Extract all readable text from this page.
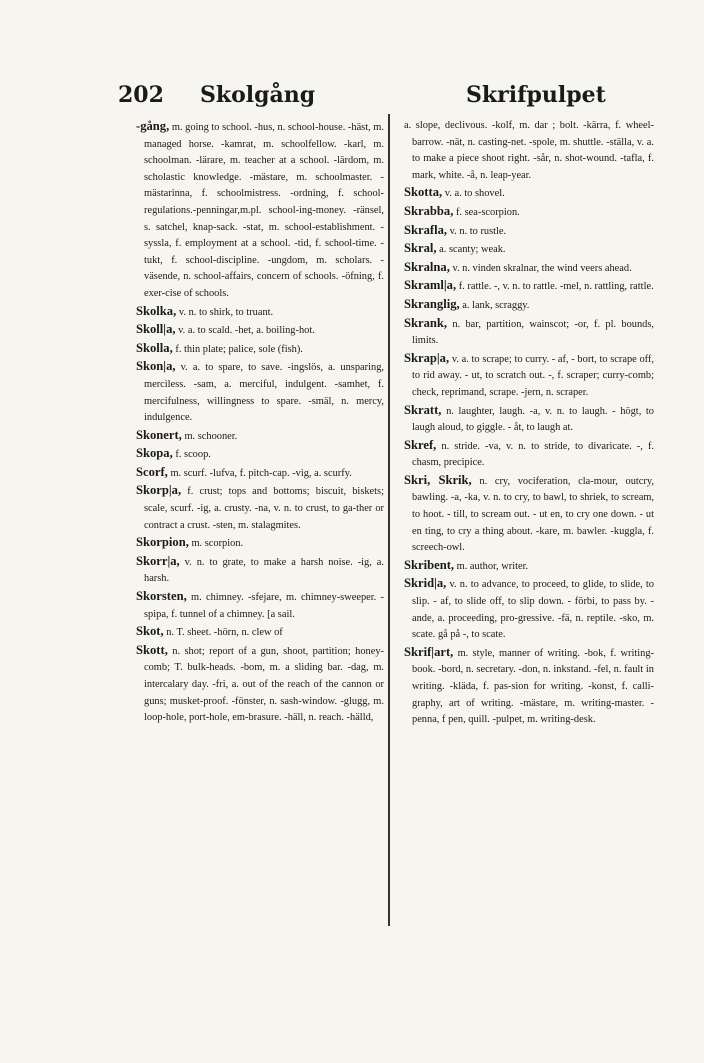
202 Skolgång	Skrifpulpet

-gång, m. going to school. -hus, n. school-house. -häst, m. managed horse. -kamrat, m. schoolfellow. -karl, m. schoolman. -lärare, m. teacher at a school. -lärdom, m. scholastic knowledge. -mästare, m. schoolmaster. -mästarinna, f. schoolmistress. -ordning, f. school-regulations.-penningar,m.pl. school-ing-money. -ränsel, s. satchel, knap-sack. -stat, m. school-establishment. -syssla, f. employment at a school. -tid, f. school-time. -tukt, f. school-discipline. -ungdom, m. scholars. -väsende, n. school-affairs, concern of schools. -öfning, f. exer-cise of schools.

Skolka, v. n. to shirk, to truant.

Skoll|a, v. a. to scald. -het, a. boiling-hot.

Skolla, f. thin plate; palice, sole (fish).

Skon|a, v. a. to spare, to save. -ingslös, a. unsparing, merciless. -sam, a. merciful, indulgent. -samhet, f. mercifulness, willingness to spare. -smäl, n. mercy, indulgence.

Skonert, m. schooner.

Skopa, f. scoop.

Scorf, m. scurf. -lufva, f. pitch-cap. -vig, a. scurfy.

Skorp|a, f. crust; tops and bottoms; biscuit, biskets; scale, scurf. -ig, a. crusty. -na, v. n. to crust, to ga-ther or contract a crust. -sten, m. stalagmites.

Skorpion, m. scorpion.

Skorr|a, v. n. to grate, to make a harsh noise. -ig, a. harsh.

Skorsten, m. chimney. -sfejare, m. chimney-sweeper. -spipa, f. tunnel of a chimney. [a sail.

Skot, n. T. sheet. -hörn, n. clew of

Skott, n. shot; report of a gun, shoot, partition; honey-comb; T. bulk-heads. -bom, m. a sliding bar. -dag, m. intercalary day. -fri, a. out of the reach of the cannon or guns; musket-proof. -fönster, n. sash-window. -glugg, m. loop-hole, port-hole, em-brasure. -häll, n. reach. -hälld,

a. slope, declivous. -kolf, m. dar ; bolt. -kärra, f. wheel-barrow. -nät, n. casting-net. -spole, m. shuttle. -ställa, v. a. to make a piece shoot right. -sår, n. shot-wound. -tafla, f. mark, white. -å, n. leap-year.

Skotta, v. a. to shovel.

Skrabba, f. sea-scorpion.

Skrafla, v. n. to rustle.

Skral, a. scanty; weak.

Skralna, v. n. vinden skralnar, the wind veers ahead.

Skraml|a, f. rattle. -, v. n. to rattle. -mel, n. rattling, rattle.

Skranglig, a. lank, scraggy.

Skrank, n. bar, partition, wainscot; -or, f. pl. bounds, limits.

Skrap|a, v. a. to scrape; to curry. - af, - bort, to scrape off, to rid away. - ut, to scratch out. -, f. scraper; curry-comb; check, reprimand, scrape. -jern, n. scraper.

Skratt, n. laughter, laugh. -a, v. n. to laugh. - högt, to laugh aloud, to giggle. - åt, to laugh at.

Skref, n. stride. -va, v. n. to stride, to divaricate. -, f. chasm, precipice.

Skri, Skrik, n. cry, vociferation, cla-mour, outcry, bawling. -a, -ka, v. n. to cry, to bawl, to shriek, to scream, to hoot. - till, to scream out. - ut en, to cry one down. - ut en ting, to cry a thing about. -kare, m. bawler. -kuggla, f. screech-owl.

Skribent, m. author, writer.

Skrid|a, v. n. to advance, to proceed, to glide, to slide, to slip. - af, to slide off, to slip down. - förbi, to pass by. -ande, a. proceeding, pro-gressive. -fä, n. reptile. -sko, m. scate. gå på -, to scate.

Skrif|art, m. style, manner of writing. -bok, f. writing-book. -bord, n. secretary. -don, n. inkstand. -fel, n. fault in writing. -kläda, f. pas-sion for writing. -konst, f. calli-graphy, art of writing. -mästare, m. writing-master. -penna, f pen, quill. -pulpet, m. writing-desk.
